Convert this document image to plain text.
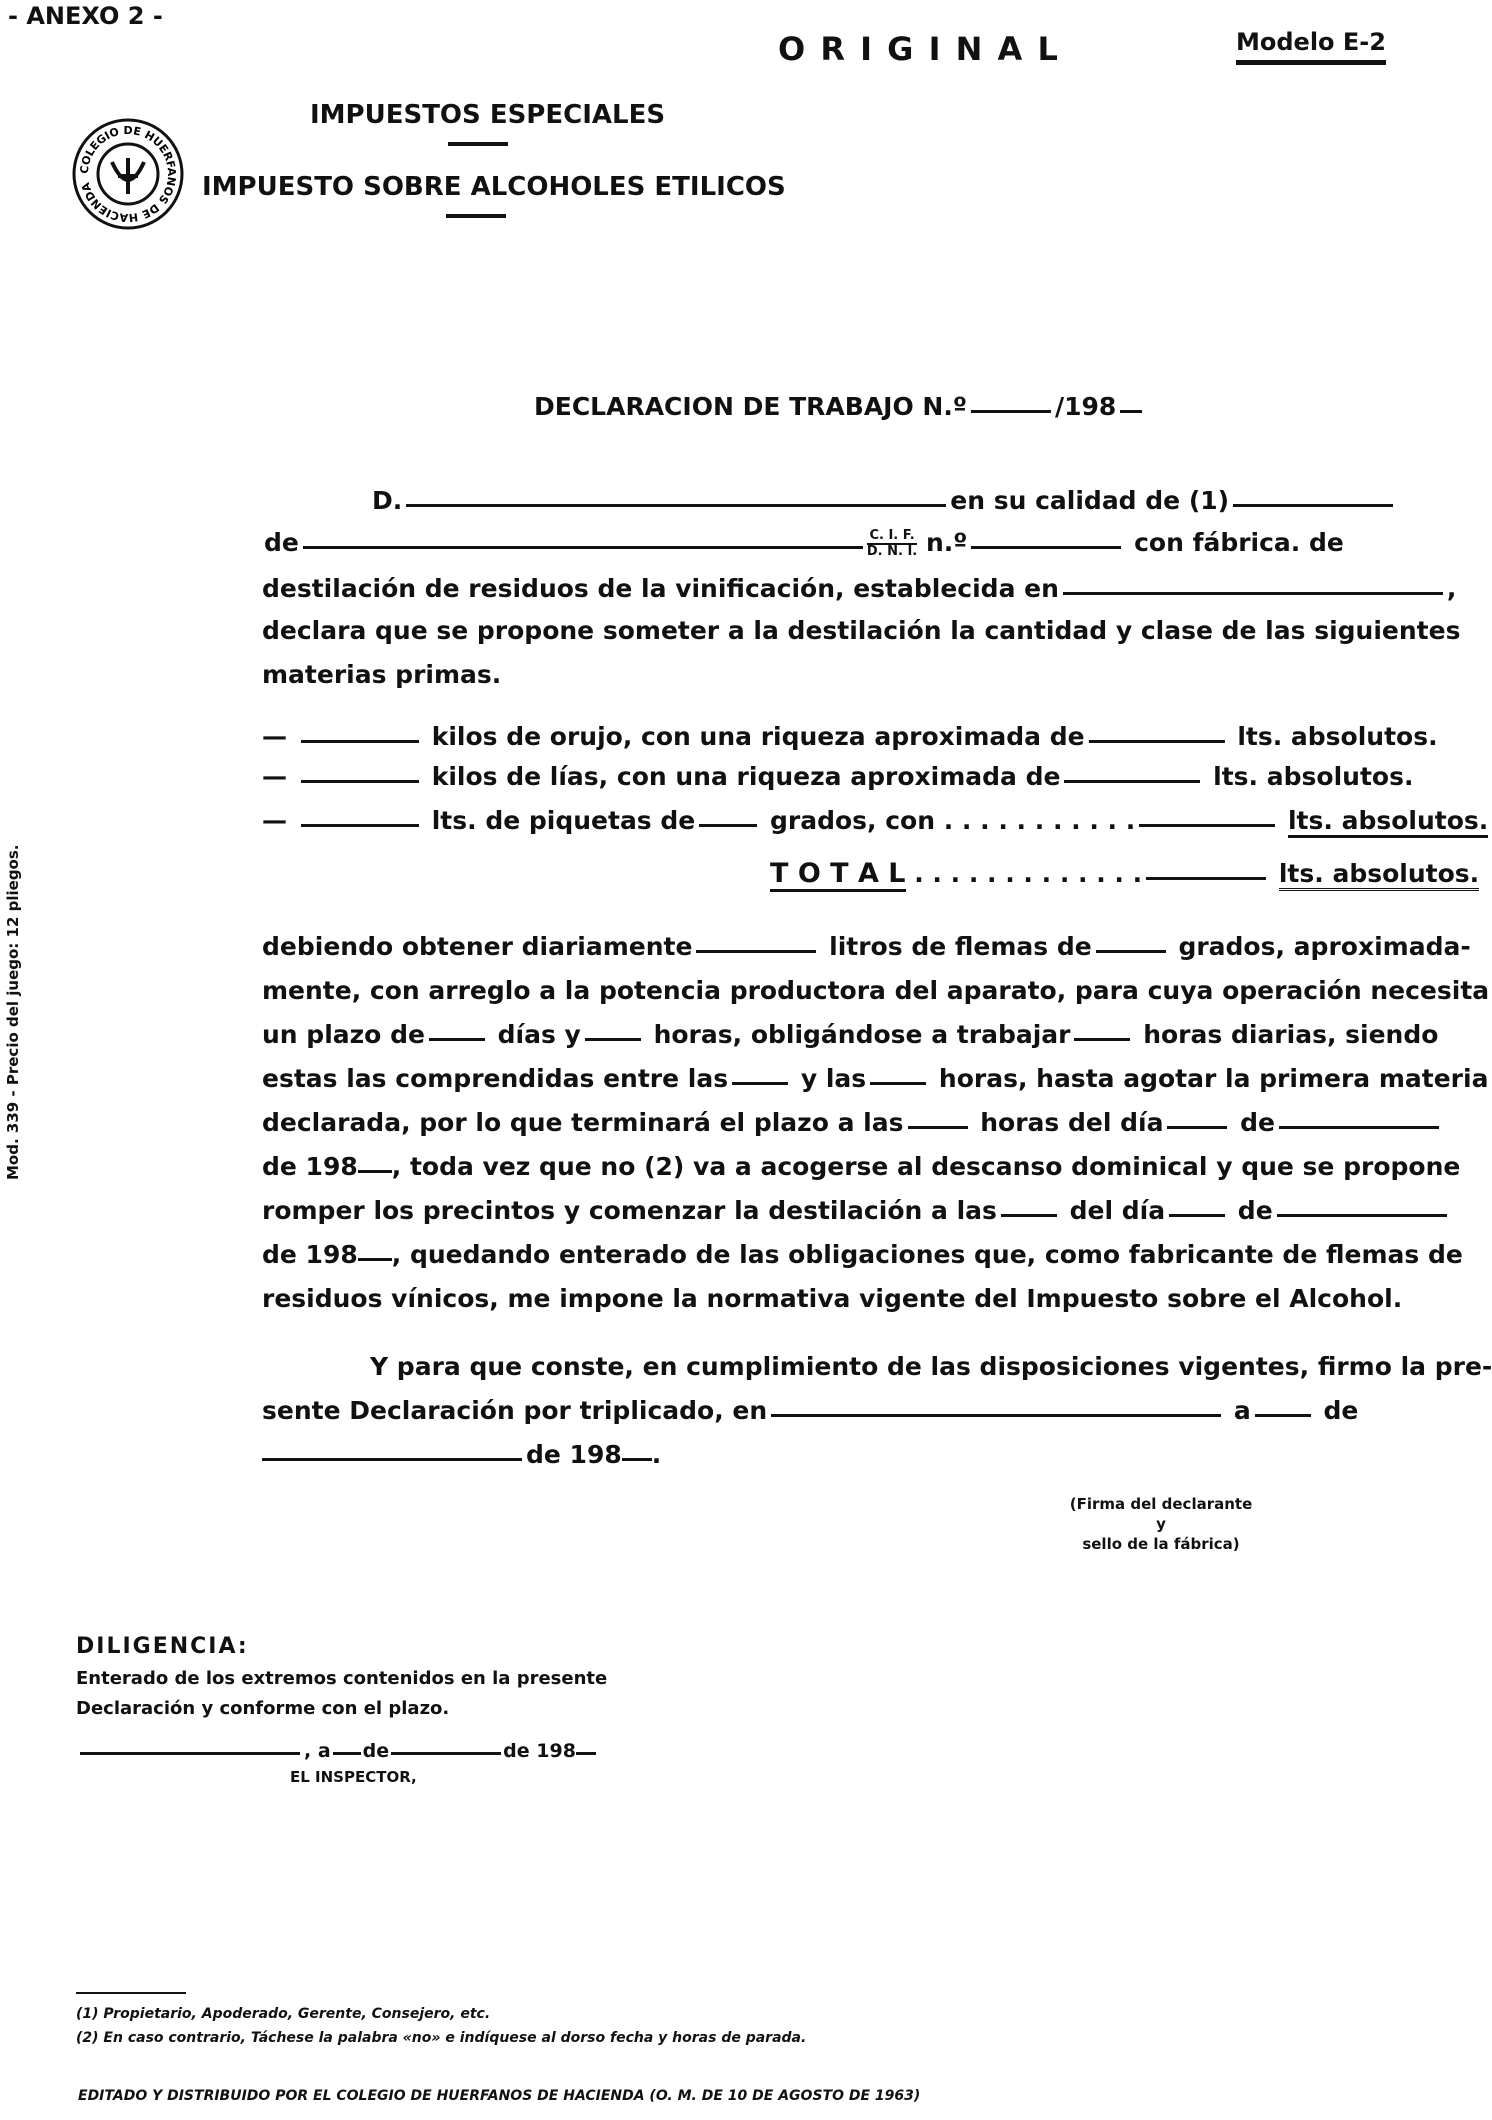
- ANEXO 2 -
O R I G I N A L	Modelo E-2
COLEGIO DE HUERFANOS DE HACIENDA
IMPUESTOS ESPECIALES
IMPUESTO SOBRE ALCOHOLES ETILICOS
DECLARACION DE TRABAJO N.º	/198
D.	en su calidad de (1)
de	$\frac{C. I. F.}{D. N. I.}$ n.º	con fábrica. de
destilación de residuos de la vinificación, establecida en	,
declara que se propone someter a la destilación la cantidad y clase de las siguientes
materias primas.
—	kilos de orujo, con una riqueza aproximada de	lts. absolutos.
—	kilos de lías, con una riqueza aproximada de	lts. absolutos.
—	lts. de piquetas de	grados, con . . . . . . . . . . .	lts. absolutos.
T O T A L . . . . . . . . . . . . .	lts. absolutos.
debiendo obtener diariamente	litros de flemas de	grados, aproximada-
mente, con arreglo a la potencia productora del aparato, para cuya operación necesita
un plazo de	días y	horas, obligándose a trabajar	horas diarias, siendo
estas las comprendidas entre las	y las	horas, hasta agotar la primera materia
declarada, por lo que terminará el plazo a las	horas del día	de
de 198 , toda vez que no (2) va a acogerse al descanso dominical y que se propone
romper los precintos y comenzar la destilación a las	del día	de
de 198 , quedando enterado de las obligaciones que, como fabricante de flemas de
residuos vínicos, me impone la normativa vigente del Impuesto sobre el Alcohol.
Y para que conste, en cumplimiento de las disposiciones vigentes, firmo la pre-
sente Declaración por triplicado, en	a	de
de 198 .
(Firma del declarante
y
sello de la fábrica)
DILIGENCIA:
Enterado de los extremos contenidos en la presente
Declaración y conforme con el plazo.
, a de	de 198
EL INSPECTOR,
Mod. 339 - Precio del juego: 12 pliegos.
(1) Propietario, Apoderado, Gerente, Consejero, etc.
(2) En caso contrario, Táchese la palabra «no» e indíquese al dorso fecha y horas de parada.
EDITADO Y DISTRIBUIDO POR EL COLEGIO DE HUERFANOS DE HACIENDA (O. M. DE 10 DE AGOSTO DE 1963)
